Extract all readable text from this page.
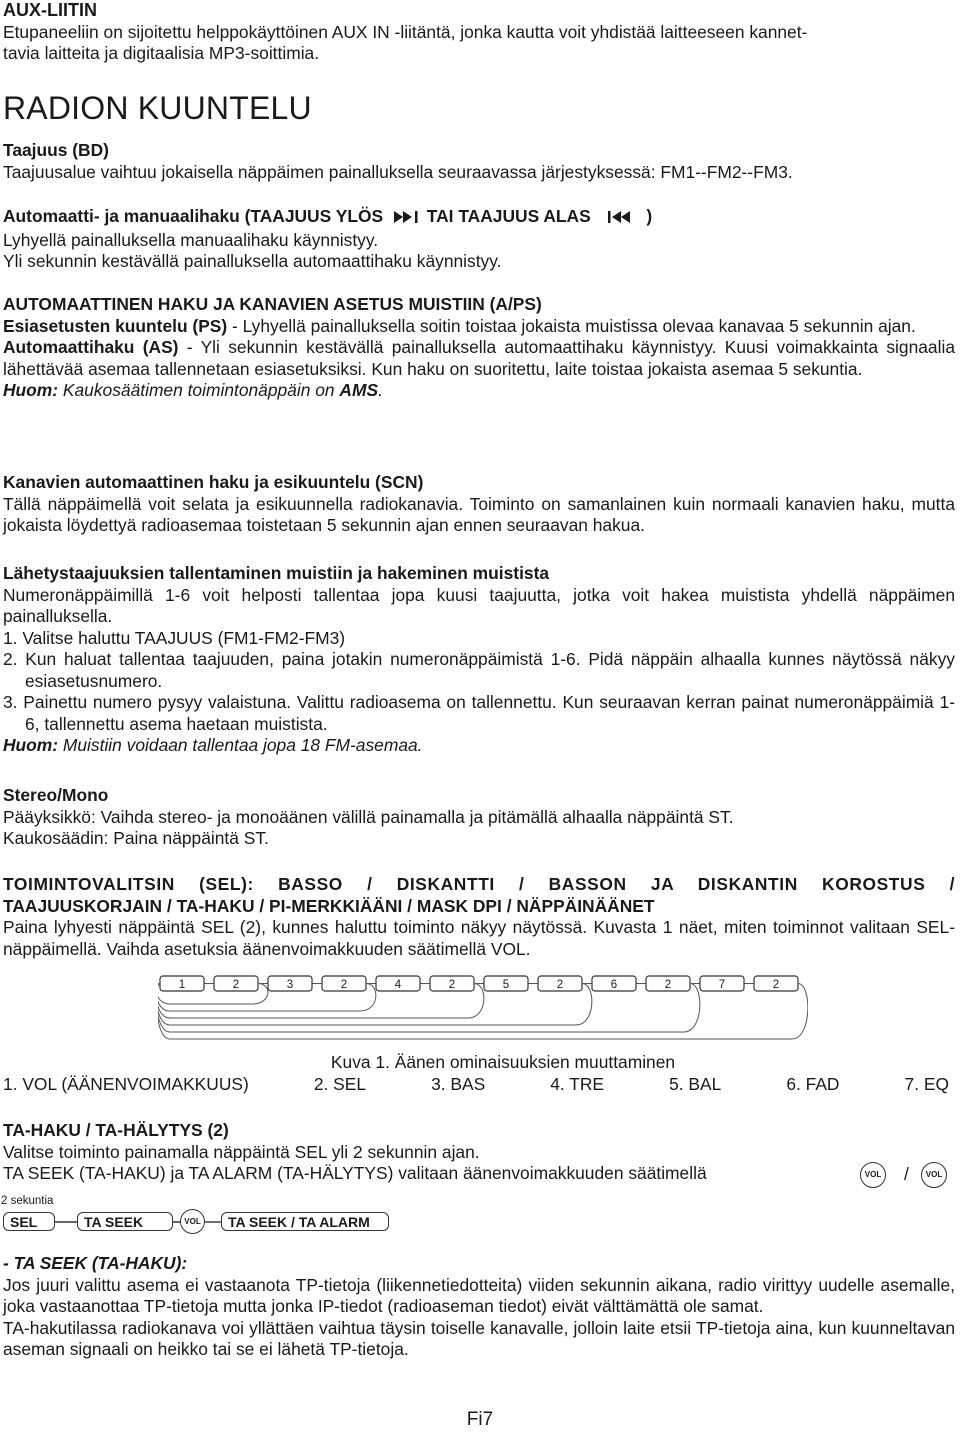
AUX-LIITIN

Etupaneeliin on sijoitettu helppokäyttöinen AUX IN -liitäntä, jonka kautta voit yhdistää laitteeseen kannet-

tavia laitteita ja digitaalisia MP3-soittimia.

RADION KUUNTELU

Taajuus (BD)

Taajuusalue vaihtuu jokaisella näppäimen painalluksella seuraavassa järjestyksessä: FM1--FM2--FM3.

Automaatti- ja manuaalihaku (TAAJUUS YLÖS	TAI TAAJUUS ALAS	)

Lyhyellä painalluksella manuaalihaku käynnistyy.

Yli sekunnin kestävällä painalluksella automaattihaku käynnistyy.

AUTOMAATTINEN HAKU JA KANAVIEN ASETUS MUISTIIN (A/PS)

Esiasetusten kuuntelu (PS) - Lyhyellä painalluksella soitin toistaa jokaista muistissa olevaa kanavaa 5 sekunnin ajan.

Automaattihaku (AS) - Yli sekunnin kestävällä painalluksella automaattihaku käynnistyy. Kuusi voimakkainta signaalia lähettävää asemaa tallennetaan esiasetuksiksi. Kun haku on suoritettu, laite toistaa jokaista asemaa 5 sekuntia.

Huom: Kaukosäätimen toimintonäppäin on AMS.

Kanavien automaattinen haku ja esikuuntelu (SCN)

Tällä näppäimellä voit selata ja esikuunnella radiokanavia. Toiminto on samanlainen kuin normaali kanavien haku, mutta jokaista löydettyä radioasemaa toistetaan 5 sekunnin ajan ennen seuraavan hakua.

Lähetystaajuuksien tallentaminen muistiin ja hakeminen muistista

Numeronäppäimillä 1-6 voit helposti tallentaa jopa kuusi taajuutta, jotka voit hakea muistista yhdellä näppäimen painalluksella.

1. Valitse haluttu TAAJUUS (FM1-FM2-FM3)

2. Kun haluat tallentaa taajuuden, paina jotakin numeronäppäimistä 1-6. Pidä näppäin alhaalla kunnes näytössä näkyy esiasetusnumero.

3. Painettu numero pysyy valaistuna. Valittu radioasema on tallennettu. Kun seuraavan kerran painat numeronäppäimiä 1-6, tallennettu asema haetaan muistista.

Huom: Muistiin voidaan tallentaa jopa 18 FM-asemaa.

Stereo/Mono

Pääyksikkö: Vaihda stereo- ja monoäänen välillä painamalla ja pitämällä alhaalla näppäintä ST.

Kaukosäädin: Paina näppäintä ST.

TOIMINTOVALITSIN (SEL): BASSO / DISKANTTI / BASSON JA DISKANTIN KOROSTUS /

TAAJUUSKORJAIN / TA-HAKU / PI-MERKKIÄÄNI / MASK DPI / NÄPPÄINÄÄNET

Paina lyhyesti näppäintä SEL (2), kunnes haluttu toiminto näkyy näytössä. Kuvasta 1 näet, miten toiminnot valitaan SEL-näppäimellä. Vaihda asetuksia äänenvoimakkuuden säätimellä VOL.

1	2	3	2	4	2	5	2	6	2	7	2

Kuva 1. Äänen ominaisuuksien muuttaminen

1. VOL (ÄÄNENVOIMAKKUUS)	2. SEL	3. BAS	4. TRE	5. BAL	6. FAD	7. EQ

TA-HAKU / TA-HÄLYTYS (2)

Valitse toiminto painamalla näppäintä SEL yli 2 sekunnin ajan.

TA SEEK (TA-HAKU) ja TA ALARM (TA-HÄLYTYS) valitaan äänenvoimakkuuden säätimellä	VOL / VOL
2 sekuntia
SEL	TA SEEK	VOL TA SEEK / TA ALARM

- TA SEEK (TA-HAKU):

Jos juuri valittu asema ei vastaanota TP-tietoja (liikennetiedotteita) viiden sekunnin aikana, radio virittyy uudelle asemalle, joka vastaanottaa TP-tietoja mutta jonka IP-tiedot (radioaseman tiedot) eivät välttämättä ole samat.

TA-hakutilassa radiokanava voi yllättäen vaihtua täysin toiselle kanavalle, jolloin laite etsii TP-tietoja aina, kun kuunneltavan aseman signaali on heikko tai se ei lähetä TP-tietoja.

Fi7
